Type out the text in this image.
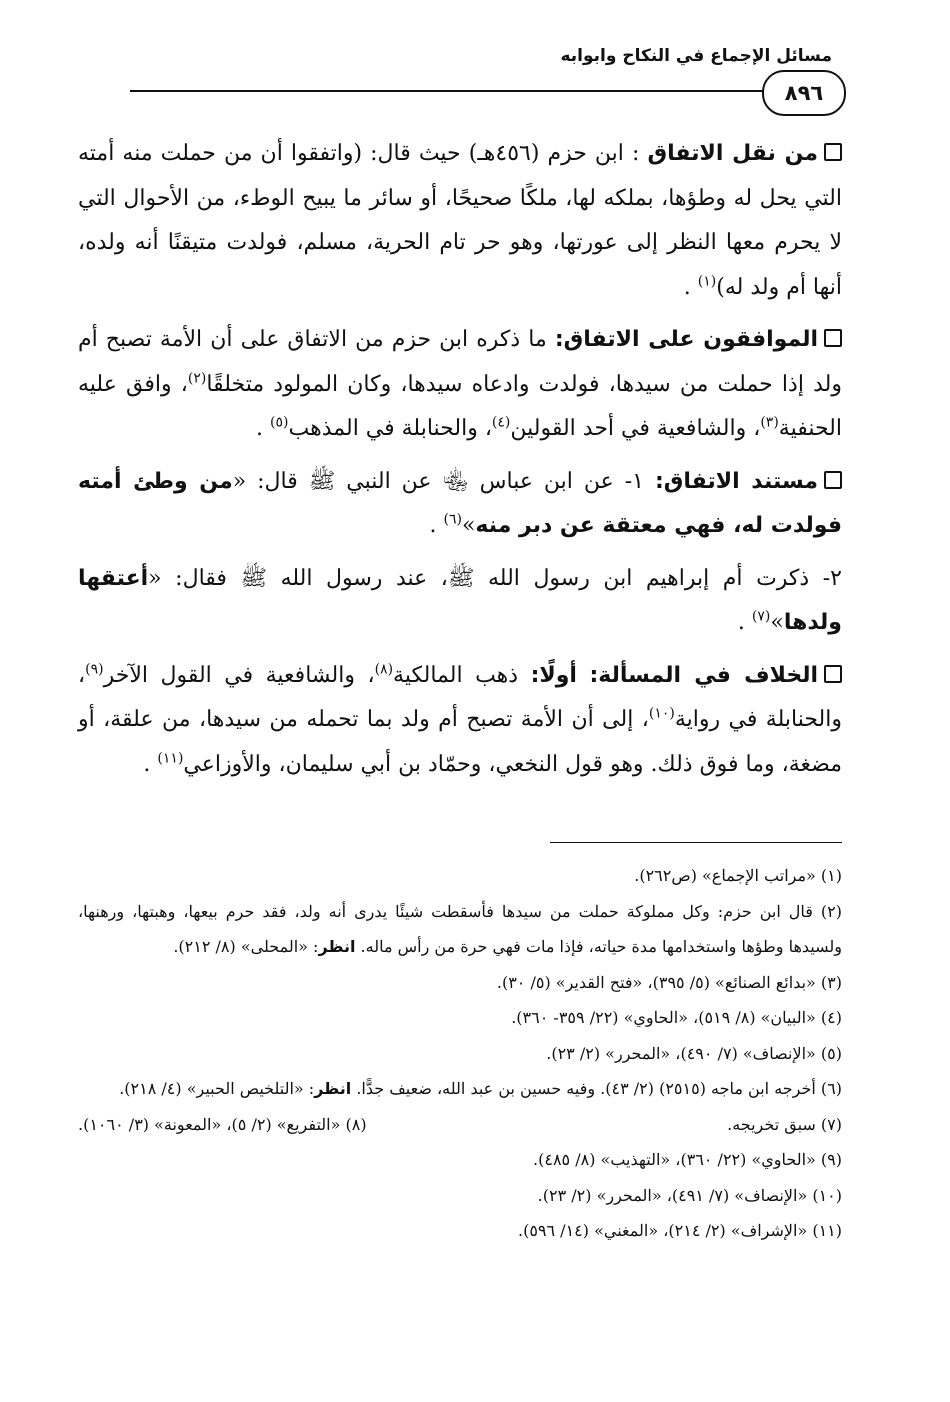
مسائل الإجماع في النكاح وابوابه
٨٩٦

من نقل الاتفاق : ابن حزم (٤٥٦هـ) حيث قال: (واتفقوا أن من حملت منه أمته التي يحل له وطؤها، بملكه لها، ملكًا صحيحًا، أو سائر ما يبيح الوطء، من الأحوال التي لا يحرم معها النظر إلى عورتها، وهو حر تام الحرية، مسلم، فولدت متيقنًا أنه ولده، أنها أم ولد له)$^{(١)}$ .

الموافقون على الاتفاق: ما ذكره ابن حزم من الاتفاق على أن الأمة تصبح أم ولد إذا حملت من سيدها، فولدت وادعاه سيدها، وكان المولود متخلقًا$^{(٢)}$، وافق عليه الحنفية$^{(٣)}$، والشافعية في أحد القولين$^{(٤)}$، والحنابلة في المذهب$^{(٥)}$ .

مستند الاتفاق: ١- عن ابن عباس ﵄ عن النبي ﷺ قال: «من وطئ أمته فولدت له، فهي معتقة عن دبر منه»$^{(٦)}$ .

٢- ذكرت أم إبراهيم ابن رسول الله ﷺ، عند رسول الله ﷺ فقال: «أعتقها ولدها»$^{(٧)}$ .

الخلاف في المسألة: أولًا: ذهب المالكية$^{(٨)}$، والشافعية في القول الآخر$^{(٩)}$، والحنابلة في رواية$^{(١٠)}$، إلى أن الأمة تصبح أم ولد بما تحمله من سيدها، من علقة، أو مضغة، وما فوق ذلك. وهو قول النخعي، وحمّاد بن أبي سليمان، والأوزاعي$^{(١١)}$ .

(١) «مراتب الإجماع» (ص٢٦٢).

(٢) قال ابن حزم: وكل مملوكة حملت من سيدها فأسقطت شيئًا يدرى أنه ولد، فقد حرم بيعها، وهبتها، ورهنها، ولسيدها وطؤها واستخدامها مدة حياته، فإذا مات فهي حرة من رأس ماله. انظر: «المحلى» (٨/ ٢١٢).

(٣) «بدائع الصنائع» (٥/ ٣٩٥)، «فتح القدير» (٥/ ٣٠).

(٤) «البيان» (٨/ ٥١٩)، «الحاوي» (٢٢/ ٣٥٩- ٣٦٠).

(٥) «الإنصاف» (٧/ ٤٩٠)، «المحرر» (٢/ ٢٣).

(٦) أخرجه ابن ماجه (٢٥١٥) (٢/ ٤٣). وفيه حسين بن عبد الله، ضعيف جدًّا. انظر: «التلخيص الحبير» (٤/ ٢١٨).

(٧) سبق تخريجه.
(٨) «التفريع» (٢/ ٥)، «المعونة» (٣/ ١٠٦٠).

(٩) «الحاوي» (٢٢/ ٣٦٠)، «التهذيب» (٨/ ٤٨٥).

(١٠) «الإنصاف» (٧/ ٤٩١)، «المحرر» (٢/ ٢٣).

(١١) «الإشراف» (٢/ ٢١٤)، «المغني» (١٤/ ٥٩٦).
